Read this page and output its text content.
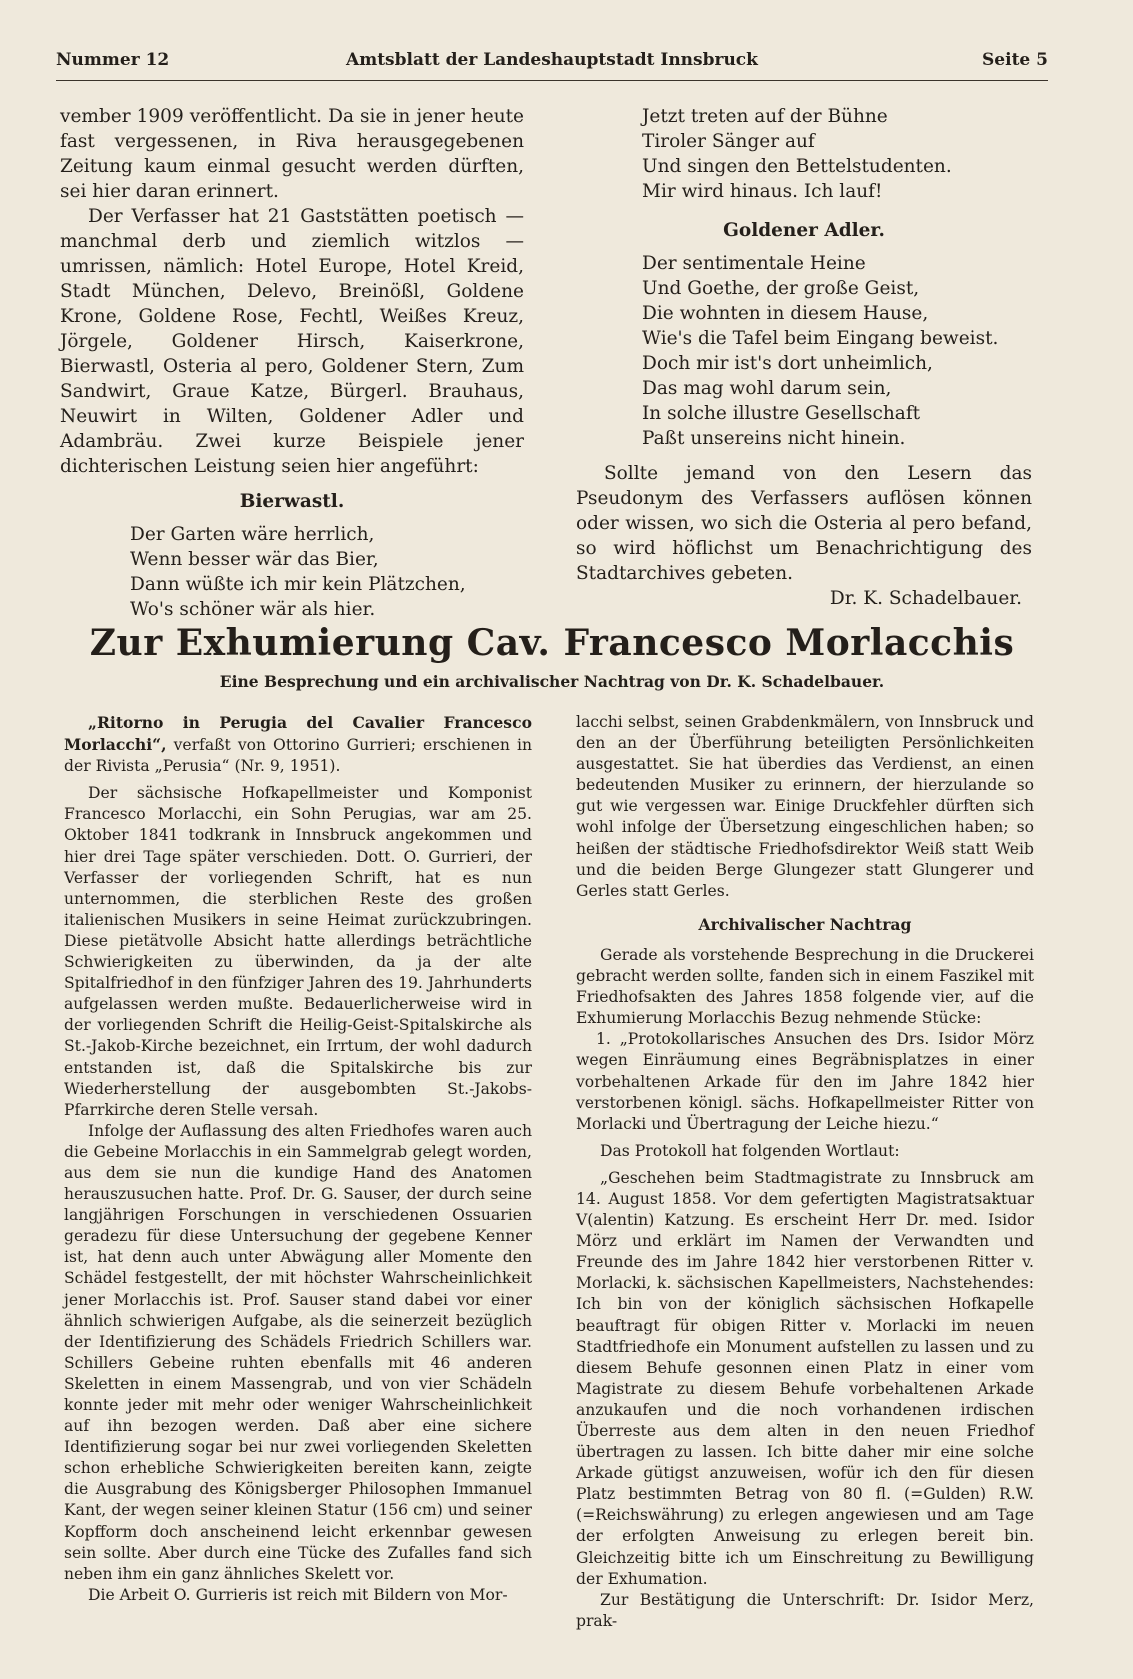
Nummer 12	Amtsblatt der Landeshauptstadt Innsbruck	Seite 5

vember 1909 veröffentlicht. Da sie in jener heute fast vergessenen, in Riva herausgegebenen Zeitung kaum einmal gesucht werden dürften, sei hier daran erinnert.

Der Verfasser hat 21 Gaststätten poetisch — manchmal derb und ziemlich witzlos — umrissen, nämlich: Hotel Europe, Hotel Kreid, Stadt München, Delevo, Breinößl, Goldene Krone, Goldene Rose, Fechtl, Weißes Kreuz, Jörgele, Goldener Hirsch, Kaiserkrone, Bierwastl, Osteria al pero, Goldener Stern, Zum Sandwirt, Graue Katze, Bürgerl. Brauhaus, Neuwirt in Wilten, Goldener Adler und Adambräu. Zwei kurze Beispiele jener dichterischen Leistung seien hier angeführt:

Bierwastl.
Der Garten wäre herrlich,
Wenn besser wär das Bier,
Dann wüßte ich mir kein Plätzchen,
Wo's schöner wär als hier.
Jetzt treten auf der Bühne
Tiroler Sänger auf
Und singen den Bettelstudenten.
Mir wird hinaus. Ich lauf!
Goldener Adler.
Der sentimentale Heine
Und Goethe, der große Geist,
Die wohnten in diesem Hause,
Wie's die Tafel beim Eingang beweist.
Doch mir ist's dort unheimlich,
Das mag wohl darum sein,
In solche illustre Gesellschaft
Paßt unsereins nicht hinein.

Sollte jemand von den Lesern das Pseudonym des Verfassers auflösen können oder wissen, wo sich die Osteria al pero befand, so wird höflichst um Benachrichtigung des Stadtarchives gebeten.

Dr. K. Schadelbauer.
Zur Exhumierung Cav. Francesco Morlacchis
Eine Besprechung und ein archivalischer Nachtrag von Dr. K. Schadelbauer.

„Ritorno in Perugia del Cavalier Francesco Morlacchi“, verfaßt von Ottorino Gurrieri; erschienen in der Rivista „Perusia“ (Nr. 9, 1951).

Der sächsische Hofkapellmeister und Komponist Francesco Morlacchi, ein Sohn Perugias, war am 25. Oktober 1841 todkrank in Innsbruck angekommen und hier drei Tage später verschieden. Dott. O. Gurrieri, der Verfasser der vorliegenden Schrift, hat es nun unternommen, die sterblichen Reste des großen italienischen Musikers in seine Heimat zurückzubringen. Diese pietätvolle Absicht hatte allerdings beträchtliche Schwierigkeiten zu überwinden, da ja der alte Spitalfriedhof in den fünfziger Jahren des 19. Jahrhunderts aufgelassen werden mußte. Bedauerlicherweise wird in der vorliegenden Schrift die Heilig-Geist-Spitalskirche als St.-Jakob-Kirche bezeichnet, ein Irrtum, der wohl dadurch entstanden ist, daß die Spitalskirche bis zur Wiederherstellung der ausgebombten St.-Jakobs-Pfarrkirche deren Stelle versah.

Infolge der Auflassung des alten Friedhofes waren auch die Gebeine Morlacchis in ein Sammelgrab gelegt worden, aus dem sie nun die kundige Hand des Anatomen herauszusuchen hatte. Prof. Dr. G. Sauser, der durch seine langjährigen Forschungen in verschiedenen Ossuarien geradezu für diese Untersuchung der gegebene Kenner ist, hat denn auch unter Abwägung aller Momente den Schädel festgestellt, der mit höchster Wahrscheinlichkeit jener Morlacchis ist. Prof. Sauser stand dabei vor einer ähnlich schwierigen Aufgabe, als die seinerzeit bezüglich der Identifizierung des Schädels Friedrich Schillers war. Schillers Gebeine ruhten ebenfalls mit 46 anderen Skeletten in einem Massengrab, und von vier Schädeln konnte jeder mit mehr oder weniger Wahrscheinlichkeit auf ihn bezogen werden. Daß aber eine sichere Identifizierung sogar bei nur zwei vorliegenden Skeletten schon erhebliche Schwierigkeiten bereiten kann, zeigte die Ausgrabung des Königsberger Philosophen Immanuel Kant, der wegen seiner kleinen Statur (156 cm) und seiner Kopfform doch anscheinend leicht erkennbar gewesen sein sollte. Aber durch eine Tücke des Zufalles fand sich neben ihm ein ganz ähnliches Skelett vor.

Die Arbeit O. Gurrieris ist reich mit Bildern von Mor-

lacchi selbst, seinen Grabdenkmälern, von Innsbruck und den an der Überführung beteiligten Persönlichkeiten ausgestattet. Sie hat überdies das Verdienst, an einen bedeutenden Musiker zu erinnern, der hierzulande so gut wie vergessen war. Einige Druckfehler dürften sich wohl infolge der Übersetzung eingeschlichen haben; so heißen der städtische Friedhofsdirektor Weiß statt Weib und die beiden Berge Glungezer statt Glungerer und Gerles statt Gerles.

Archivalischer Nachtrag

Gerade als vorstehende Besprechung in die Druckerei gebracht werden sollte, fanden sich in einem Faszikel mit Friedhofsakten des Jahres 1858 folgende vier, auf die Exhumierung Morlacchis Bezug nehmende Stücke:

1. „Protokollarisches Ansuchen des Drs. Isidor Mörz wegen Einräumung eines Begräbnisplatzes in einer vorbehaltenen Arkade für den im Jahre 1842 hier verstorbenen königl. sächs. Hofkapellmeister Ritter von Morlacki und Übertragung der Leiche hiezu.“

Das Protokoll hat folgenden Wortlaut:

„Geschehen beim Stadtmagistrate zu Innsbruck am 14. August 1858. Vor dem gefertigten Magistratsaktuar V(alentin) Katzung. Es erscheint Herr Dr. med. Isidor Mörz und erklärt im Namen der Verwandten und Freunde des im Jahre 1842 hier verstorbenen Ritter v. Morlacki, k. sächsischen Kapellmeisters, Nachstehendes: Ich bin von der königlich sächsischen Hofkapelle beauftragt für obigen Ritter v. Morlacki im neuen Stadtfriedhofe ein Monument aufstellen zu lassen und zu diesem Behufe gesonnen einen Platz in einer vom Magistrate zu diesem Behufe vorbehaltenen Arkade anzukaufen und die noch vorhandenen irdischen Überreste aus dem alten in den neuen Friedhof übertragen zu lassen. Ich bitte daher mir eine solche Arkade gütigst anzuweisen, wofür ich den für diesen Platz bestimmten Betrag von 80 fl. (=Gulden) R.W. (=Reichswährung) zu erlegen angewiesen und am Tage der erfolgten Anweisung zu erlegen bereit bin. Gleichzeitig bitte ich um Einschreitung zu Bewilligung der Exhumation.

Zur Bestätigung die Unterschrift: Dr. Isidor Merz, prak-
